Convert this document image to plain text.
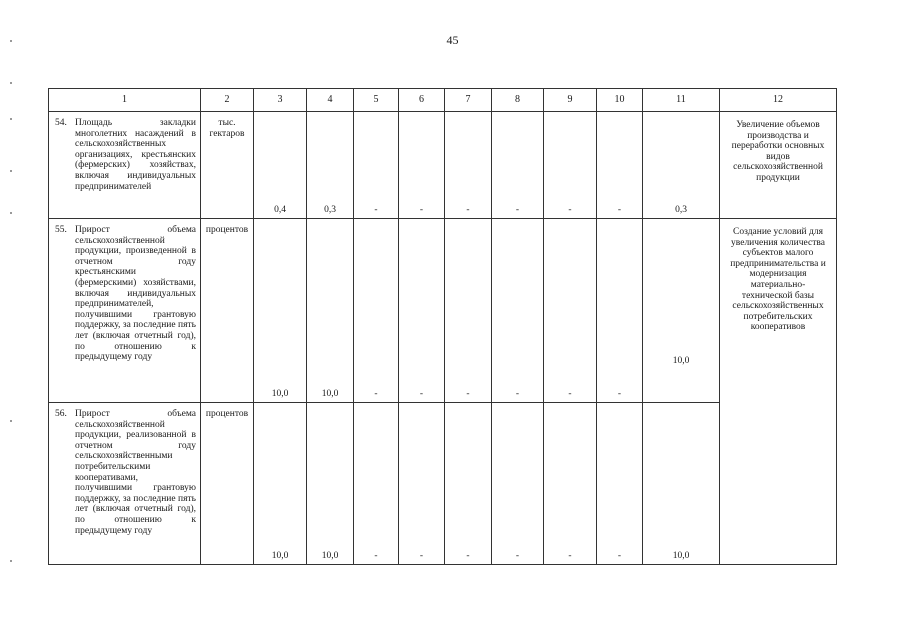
45
1	2	3	4	5	6	7	8	9	10	11	12

54. Площадь закладки многолетних насаждений в сельскохозяйственных организациях, крестьянских (фермерских) хозяйствах, включая индивидуальных предпринимателей	тыс. гектаров	0,4	0,3	-	-	-	-	-	-	0,3	Увеличение объемов производства и переработки основных видов сельскохозяйственной продукции

55. Прирост объема сельскохозяйственной продукции, произведенной в отчетном году крестьянскими (фермерскими) хозяйствами, включая индивидуальных предпринимателей, получившими грантовую поддержку, за последние пять лет (включая отчетный год), по отношению к предыдущему году	процентов	10,0	10,0	-	-	-	-	-	-	10,0	Создание условий для увеличения количества субъектов малого предпринимательства и модернизация материально-технической базы сельскохозяйственных потребительских кооперативов

56. Прирост объема сельскохозяйственной продукции, реализованной в отчетном году сельскохозяйственными потребительскими кооперативами, получившими грантовую поддержку, за последние пять лет (включая отчетный год), по отношению к предыдущему году	процентов	10,0	10,0	-	-	-	-	-	-	10,0	
